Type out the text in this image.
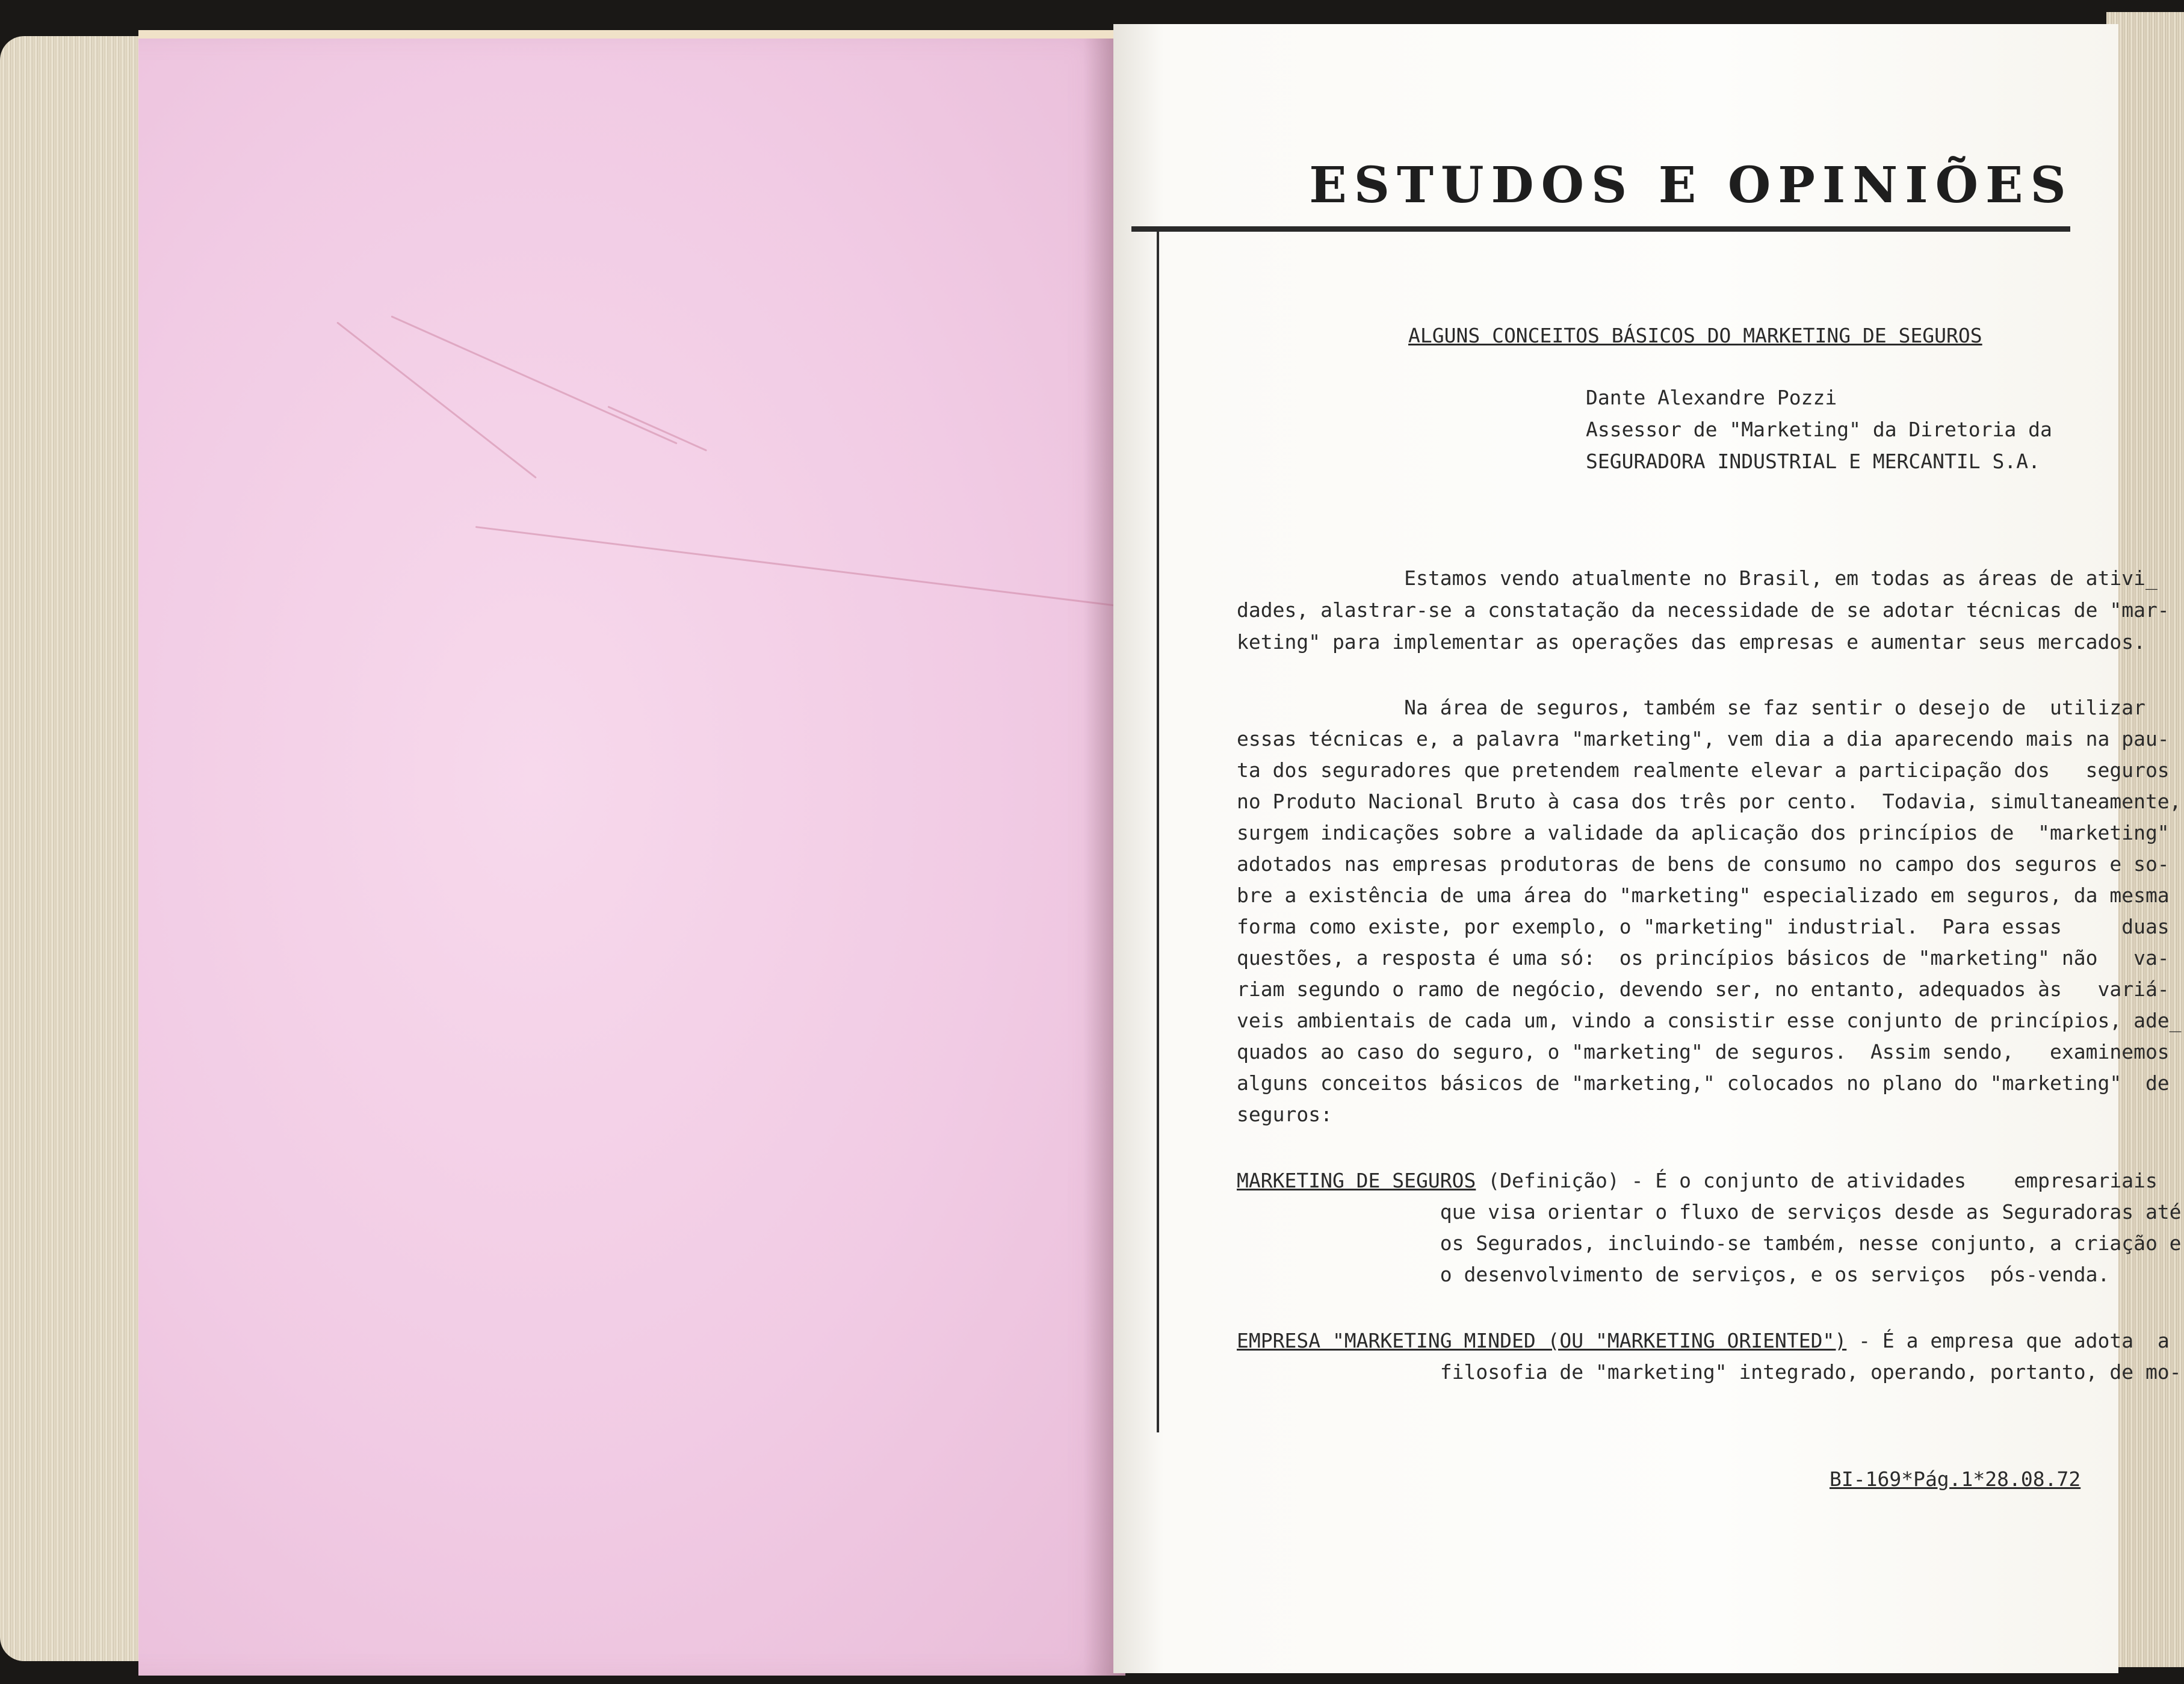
ESTUDOS E OPINIÕES
ALGUNS CONCEITOS BÁSICOS DO MARKETING DE SEGUROS
Dante Alexandre Pozzi
Assessor de "Marketing" da Diretoria da
SEGURADORA INDUSTRIAL E MERCANTIL S.A.
Estamos vendo atualmente no Brasil, em todas as áreas de ativi_
dades, alastrar-se a constatação da necessidade de se adotar técnicas de "mar-
keting" para implementar as operações das empresas e aumentar seus mercados.
Na área de seguros, também se faz sentir o desejo de  utilizar
essas técnicas e, a palavra "marketing", vem dia a dia aparecendo mais na pau-
ta dos seguradores que pretendem realmente elevar a participação dos   seguros
no Produto Nacional Bruto à casa dos três por cento.  Todavia, simultaneamente,
surgem indicações sobre a validade da aplicação dos princípios de  "marketing"
adotados nas empresas produtoras de bens de consumo no campo dos seguros e so-
bre a existência de uma área do "marketing" especializado em seguros, da mesma
forma como existe, por exemplo, o "marketing" industrial.  Para essas     duas
questões, a resposta é uma só:  os princípios básicos de "marketing" não   va-
riam segundo o ramo de negócio, devendo ser, no entanto, adequados às   variá-
veis ambientais de cada um, vindo a consistir esse conjunto de princípios, ade_
quados ao caso do seguro, o "marketing" de seguros.  Assim sendo,   examinemos
alguns conceitos básicos de "marketing," colocados no plano do "marketing"  de
seguros:
MARKETING DE SEGUROS (Definição) - É o conjunto de atividades    empresariais
que visa orientar o fluxo de serviços desde as Seguradoras até
os Segurados, incluindo-se também, nesse conjunto, a criação e
o desenvolvimento de serviços, e os serviços  pós-venda.
EMPRESA "MARKETING MINDED (OU "MARKETING ORIENTED") - É a empresa que adota  a
filosofia de "marketing" integrado, operando, portanto, de mo-
BI-169*Pág.1*28.08.72
